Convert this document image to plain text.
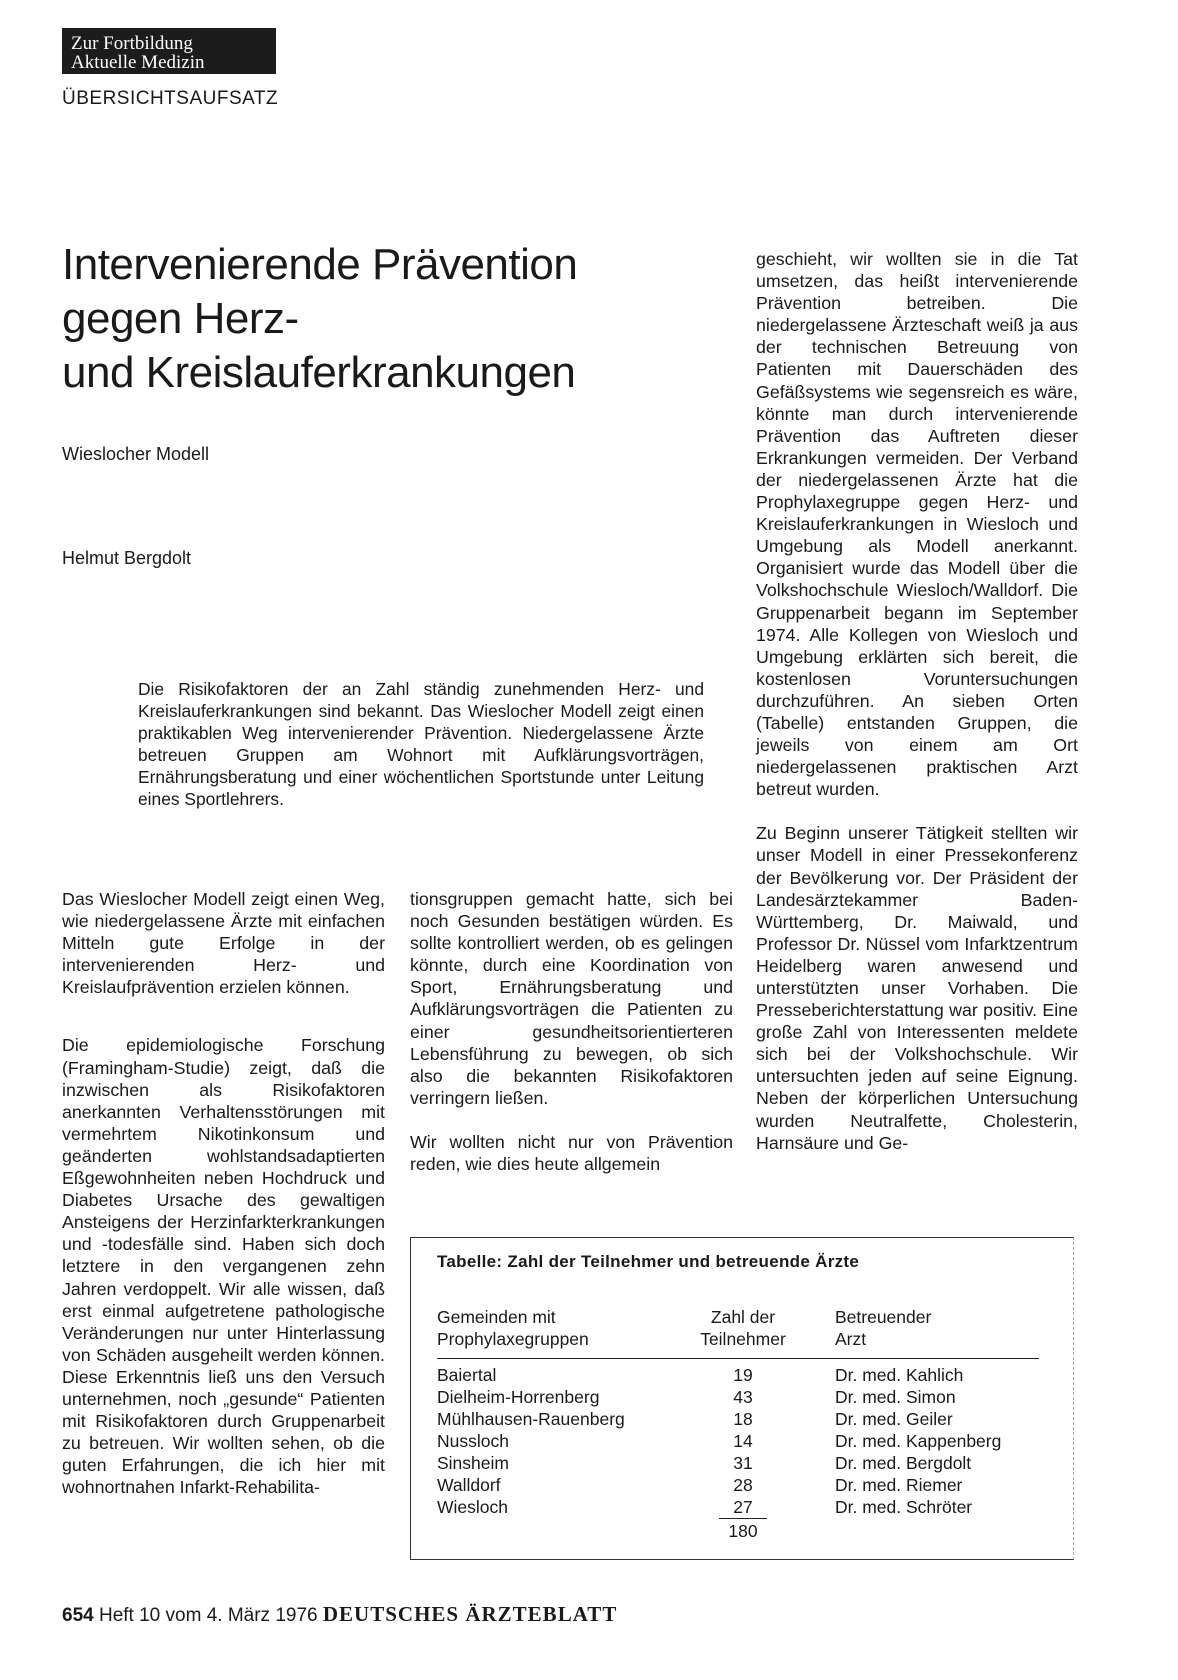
Zur Fortbildung
Aktuelle Medizin
ÜBERSICHTSAUFSATZ
Intervenierende Prävention
gegen Herz-
und Kreislauferkrankungen
Wieslocher Modell
Helmut Bergdolt
Die Risikofaktoren der an Zahl ständig zunehmenden Herz- und Kreislauferkrankungen sind bekannt. Das Wieslocher Modell zeigt einen praktikablen Weg intervenierender Prävention. Niedergelassene Ärzte betreuen Gruppen am Wohnort mit Aufklärungsvorträgen, Ernährungsberatung und einer wöchentlichen Sportstunde unter Leitung eines Sportlehrers.

Das Wieslocher Modell zeigt einen Weg, wie niedergelassene Ärzte mit einfachen Mitteln gute Erfolge in der intervenierenden Herz- und Kreislaufprävention erzielen können.

Die epidemiologische Forschung (Framingham-Studie) zeigt, daß die inzwischen als Risikofaktoren anerkannten Verhaltensstörungen mit vermehrtem Nikotinkonsum und geänderten wohlstandsadaptierten Eßgewohnheiten neben Hochdruck und Diabetes Ursache des gewaltigen Ansteigens der Herzinfarkterkrankungen und -todesfälle sind. Haben sich doch letztere in den vergangenen zehn Jahren verdoppelt. Wir alle wissen, daß erst einmal aufgetretene pathologische Veränderungen nur unter Hinterlassung von Schäden ausgeheilt werden können. Diese Erkenntnis ließ uns den Versuch unternehmen, noch „gesunde“ Patienten mit Risikofaktoren durch Gruppenarbeit zu betreuen. Wir wollten sehen, ob die guten Erfahrungen, die ich hier mit wohnortnahen Infarkt-Rehabilita-

tionsgruppen gemacht hatte, sich bei noch Gesunden bestätigen würden. Es sollte kontrolliert werden, ob es gelingen könnte, durch eine Koordination von Sport, Ernährungsberatung und Aufklärungsvorträgen die Patienten zu einer gesundheitsorientierteren Lebensführung zu bewegen, ob sich also die bekannten Risikofaktoren verringern ließen.

Wir wollten nicht nur von Prävention reden, wie dies heute allgemein

geschieht, wir wollten sie in die Tat umsetzen, das heißt intervenierende Prävention betreiben. Die niedergelassene Ärzteschaft weiß ja aus der technischen Betreuung von Patienten mit Dauerschäden des Gefäßsystems wie segensreich es wäre, könnte man durch intervenierende Prävention das Auftreten dieser Erkrankungen vermeiden. Der Verband der niedergelassenen Ärzte hat die Prophylaxegruppe gegen Herz- und Kreislauferkrankungen in Wiesloch und Umgebung als Modell anerkannt. Organisiert wurde das Modell über die Volkshochschule Wiesloch/Walldorf. Die Gruppenarbeit begann im September 1974. Alle Kollegen von Wiesloch und Umgebung erklärten sich bereit, die kostenlosen Voruntersuchungen durchzuführen. An sieben Orten (Tabelle) entstanden Gruppen, die jeweils von einem am Ort niedergelassenen praktischen Arzt betreut wurden.

Zu Beginn unserer Tätigkeit stellten wir unser Modell in einer Pressekonferenz der Bevölkerung vor. Der Präsident der Landesärztekammer Baden-Württemberg, Dr. Maiwald, und Professor Dr. Nüssel vom Infarktzentrum Heidelberg waren anwesend und unterstützten unser Vorhaben. Die Presseberichterstattung war positiv. Eine große Zahl von Interessenten meldete sich bei der Volkshochschule. Wir untersuchten jeden auf seine Eignung. Neben der körperlichen Untersuchung wurden Neutralfette, Cholesterin, Harnsäure und Ge-

Tabelle: Zahl der Teilnehmer und betreuende Ärzte
Gemeinden mit
Prophylaxegruppen
Zahl der
Teilnehmer
Betreuender
Arzt
Baiertal
Dielheim-Horrenberg
Mühlhausen-Rauenberg
Nussloch
Sinsheim
Walldorf
Wiesloch
19
43
18
14
31
28
27
Dr. med. Kahlich
Dr. med. Simon
Dr. med. Geiler
Dr. med. Kappenberg
Dr. med. Bergdolt
Dr. med. Riemer
Dr. med. Schröter
180
654 Heft 10 vom 4. März 1976 DEUTSCHES ÄRZTEBLATT
